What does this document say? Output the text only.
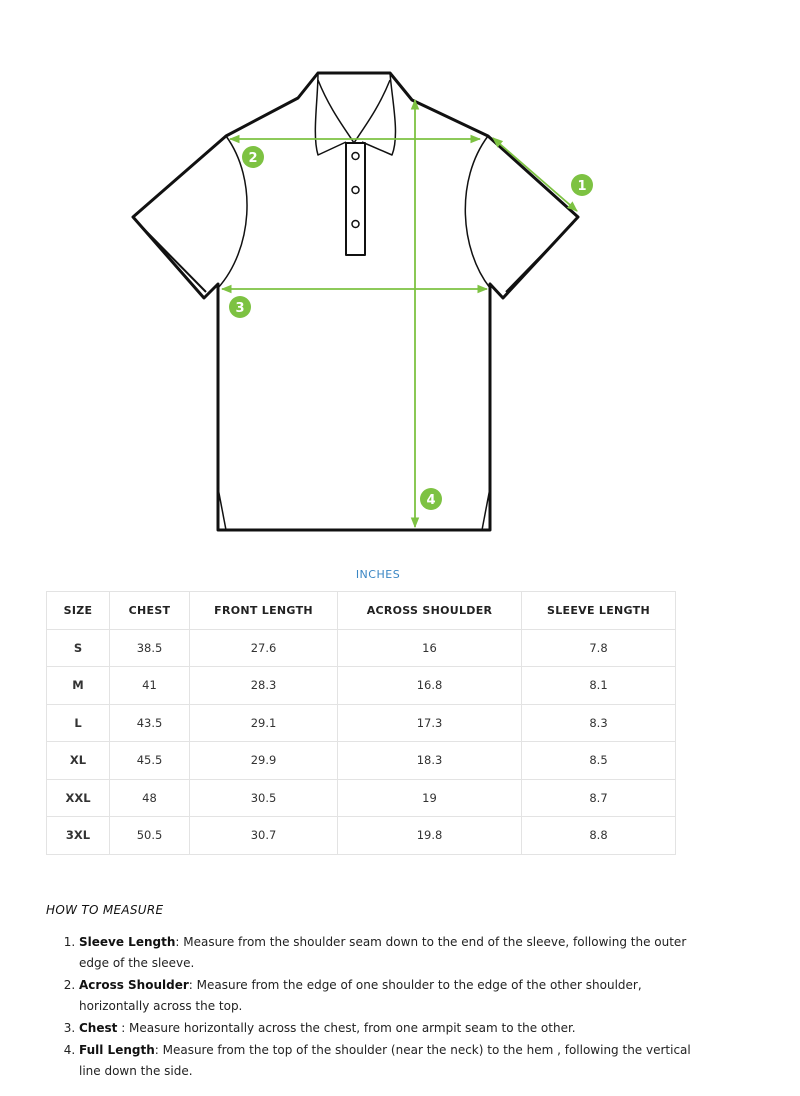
1
2
3
4
INCHES
SIZE	CHEST	FRONT LENGTH	ACROSS SHOULDER	SLEEVE LENGTH
S	38.5	27.6	16	7.8
M	41	28.3	16.8	8.1
L	43.5	29.1	17.3	8.3
XL	45.5	29.9	18.3	8.5
XXL	48	30.5	19	8.7
3XL	50.5	30.7	19.8	8.8
HOW TO MEASURE
1. Sleeve Length: Measure from the shoulder seam down to the end of the sleeve, following the outer edge of the sleeve.
2. Across Shoulder: Measure from the edge of one shoulder to the edge of the other shoulder, horizontally across the top.
3. Chest : Measure horizontally across the chest, from one armpit seam to the other.
4. Full Length: Measure from the top of the shoulder (near the neck) to the hem , following the vertical line down the side.
